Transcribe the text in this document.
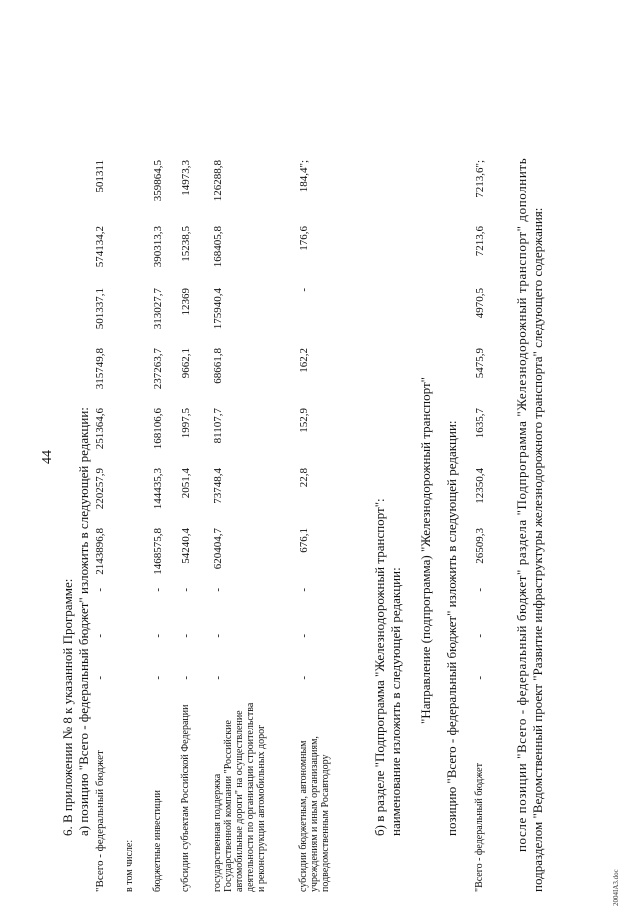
44
6. В приложении № 8 к указанной Программе: а) позицию "Всего - федеральный бюджет" изложить в следующей редакции: "Всего - федеральный бюджет
-
-
-
2143896,8
220257,9
251364,6
315749,8
501337,1
574134,2
501311
в том числе: бюджетные инвестиции
-
-
-
1468575,8
144435,3
168106,6
237263,7
313027,7
390313,3
359864,5
субсидии субъектам Российской Федерации
-
-
-
54240,4
2051,4
1997,5
9662,1
12369
15238,5
14973,3
государственная поддержка Государственной компании "Российские автомобильные дороги" на осуществление деятельности по организации строительства и реконструкции автомобильных дорог
-
-
-
620404,7
73748,4
81107,7
68661,8
175940,4
168405,8
126288,8
субсидии бюджетным, автономным учреждениям и иным организациям, подведомственным Росавтодору
-
-
-
676,1
22,8
152,9
162,2
-
176,6
184,4";
б) в разделе "Подпрограмма "Железнодорожный транспорт": наименование изложить в следующей редакции: "Направление (подпрограмма) "Железнодорожный транспорт" позицию "Всего - федеральный бюджет" изложить в следующей редакции: "Всего - федеральный бюджет
-
-
-
26509,3
12350,4
1635,7
5475,9
4970,5
7213,6
7213,6"; после позиции "Всего - федеральный бюджет" раздела "Подпрограмма "Железнодорожный транспорт" дополнить подразделом "Ведомственный проект "Развитие инфраструктуры железнодорожного транспорта" следующего содержания:	2004IA3.doc
